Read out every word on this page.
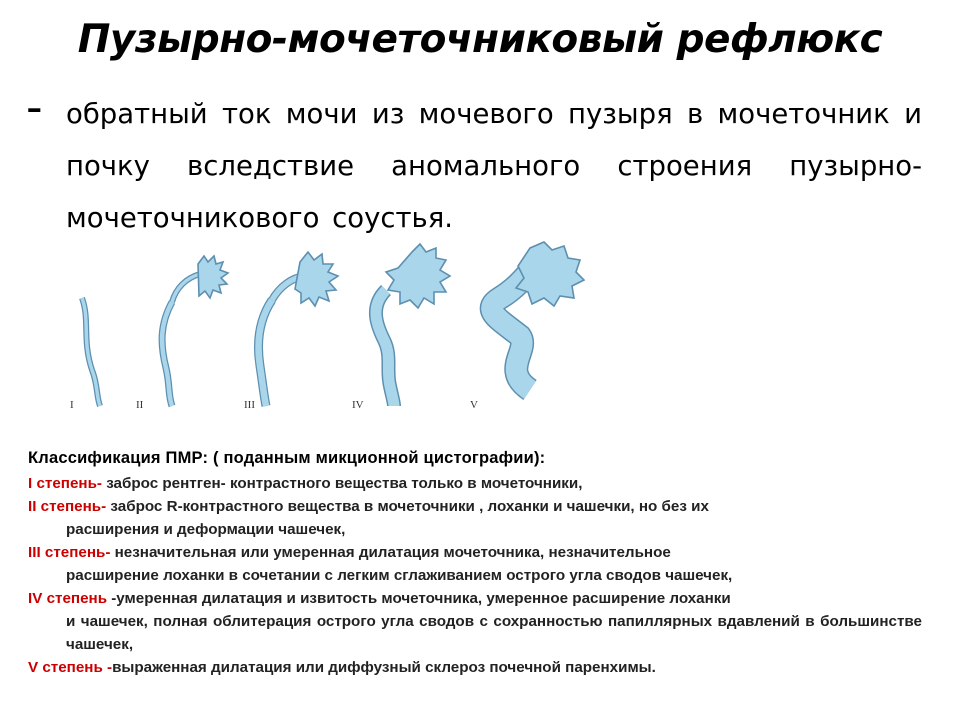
Пузырно-мочеточниковый рефлюкс
- обратный ток мочи из мочевого пузыря в мочеточник и почку вследствие аномального строения пузырно-мочеточникового соустья.
I	II	III	IV	V
Классификация ПМР: ( поданным микционной цистографии):
I степень- заброс рентген- контрастного вещества только в мочеточники,
II степень- заброс R-контрастного вещества в мочеточники , лоханки и чашечки, но без их
расширения и деформации чашечек,
III степень- незначительная или умеренная дилатация мочеточника, незначительное
расширение лоханки в сочетании с легким сглаживанием острого угла сводов чашечек,
IV степень -умеренная дилатация и извитость мочеточника, умеренное расширение лоханки
и чашечек, полная облитерация острого угла сводов с сохранностью папиллярных вдавлений в большинстве чашечек,
V степень -выраженная дилатация или диффузный склероз почечной паренхимы.
